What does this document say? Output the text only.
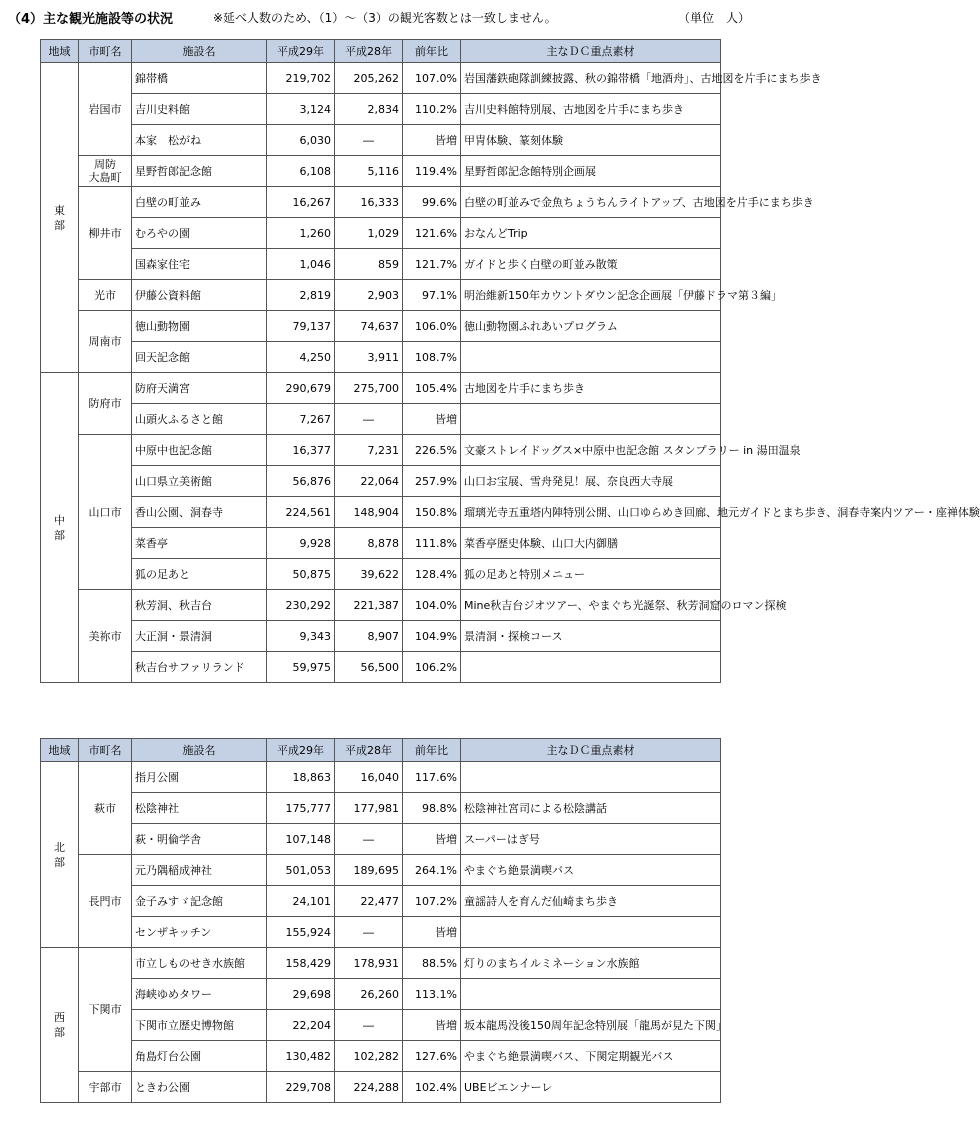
（4）主な観光施設等の状況	※延べ人数のため、（1）～（3）の観光客数とは一致しません。	（単位　人）
地域	市町名	施設名	平成29年	平成28年	前年比	主なＤＣ重点素材
東
部	岩国市	錦帯橋	219,702	205,262	107.0%	岩国藩鉄砲隊訓練披露、秋の錦帯橋「地酒舟」、古地図を片手にまち歩き
		吉川史料館	3,124	2,834	110.2%	吉川史料館特別展、古地図を片手にまち歩き
		本家　松がね	6,030	―	皆増	甲冑体験、篆刻体験
	周防
大島町	星野哲郎記念館	6,108	5,116	119.4%	星野哲郎記念館特別企画展
	柳井市	白壁の町並み	16,267	16,333	99.6%	白壁の町並みで金魚ちょうちんライトアップ、古地図を片手にまち歩き
		むろやの園	1,260	1,029	121.6%	おなんどTrip
		国森家住宅	1,046	859	121.7%	ガイドと歩く白壁の町並み散策
	光市	伊藤公資料館	2,819	2,903	97.1%	明治維新150年カウントダウン記念企画展「伊藤ドラマ第３編」
	周南市	徳山動物園	79,137	74,637	106.0%	徳山動物園ふれあいプログラム
		回天記念館	4,250	3,911	108.7%	
中
部	防府市	防府天満宮	290,679	275,700	105.4%	古地図を片手にまち歩き
		山頭火ふるさと館	7,267	―	皆増	
	山口市	中原中也記念館	16,377	7,231	226.5%	文豪ストレイドッグス×中原中也記念館 スタンプラリー in 湯田温泉
		山口県立美術館	56,876	22,064	257.9%	山口お宝展、雪舟発見！展、奈良西大寺展
		香山公園、洞春寺	224,561	148,904	150.8%	瑠璃光寺五重塔内陣特別公開、山口ゆらめき回廊、地元ガイドとまち歩き、洞春寺案内ツアー・座禅体験
		菜香亭	9,928	8,878	111.8%	菜香亭歴史体験、山口大内御膳
		狐の足あと	50,875	39,622	128.4%	狐の足あと特別メニュー
	美祢市	秋芳洞、秋吉台	230,292	221,387	104.0%	Mine秋吉台ジオツアー、やまぐち光誕祭、秋芳洞窟のロマン探検
		大正洞・景清洞	9,343	8,907	104.9%	景清洞・探検コース
		秋吉台サファリランド	59,975	56,500	106.2%	
地域	市町名	施設名	平成29年	平成28年	前年比	主なＤＣ重点素材
北
部	萩市	指月公園	18,863	16,040	117.6%	
		松陰神社	175,777	177,981	98.8%	松陰神社宮司による松陰講話
		萩・明倫学舎	107,148	―	皆増	スーパーはぎ号
	長門市	元乃隅稲成神社	501,053	189,695	264.1%	やまぐち絶景満喫バス
		金子みすゞ記念館	24,101	22,477	107.2%	童謡詩人を育んだ仙崎まち歩き
		センザキッチン	155,924	―	皆増	
西
部	下関市	市立しものせき水族館	158,429	178,931	88.5%	灯りのまちイルミネーション水族館
		海峡ゆめタワー	29,698	26,260	113.1%	
		下関市立歴史博物館	22,204	―	皆増	坂本龍馬没後150周年記念特別展「龍馬が見た下関」
		角島灯台公園	130,482	102,282	127.6%	やまぐち絶景満喫バス、下関定期観光バス
	宇部市	ときわ公園	229,708	224,288	102.4%	UBEビエンナーレ
